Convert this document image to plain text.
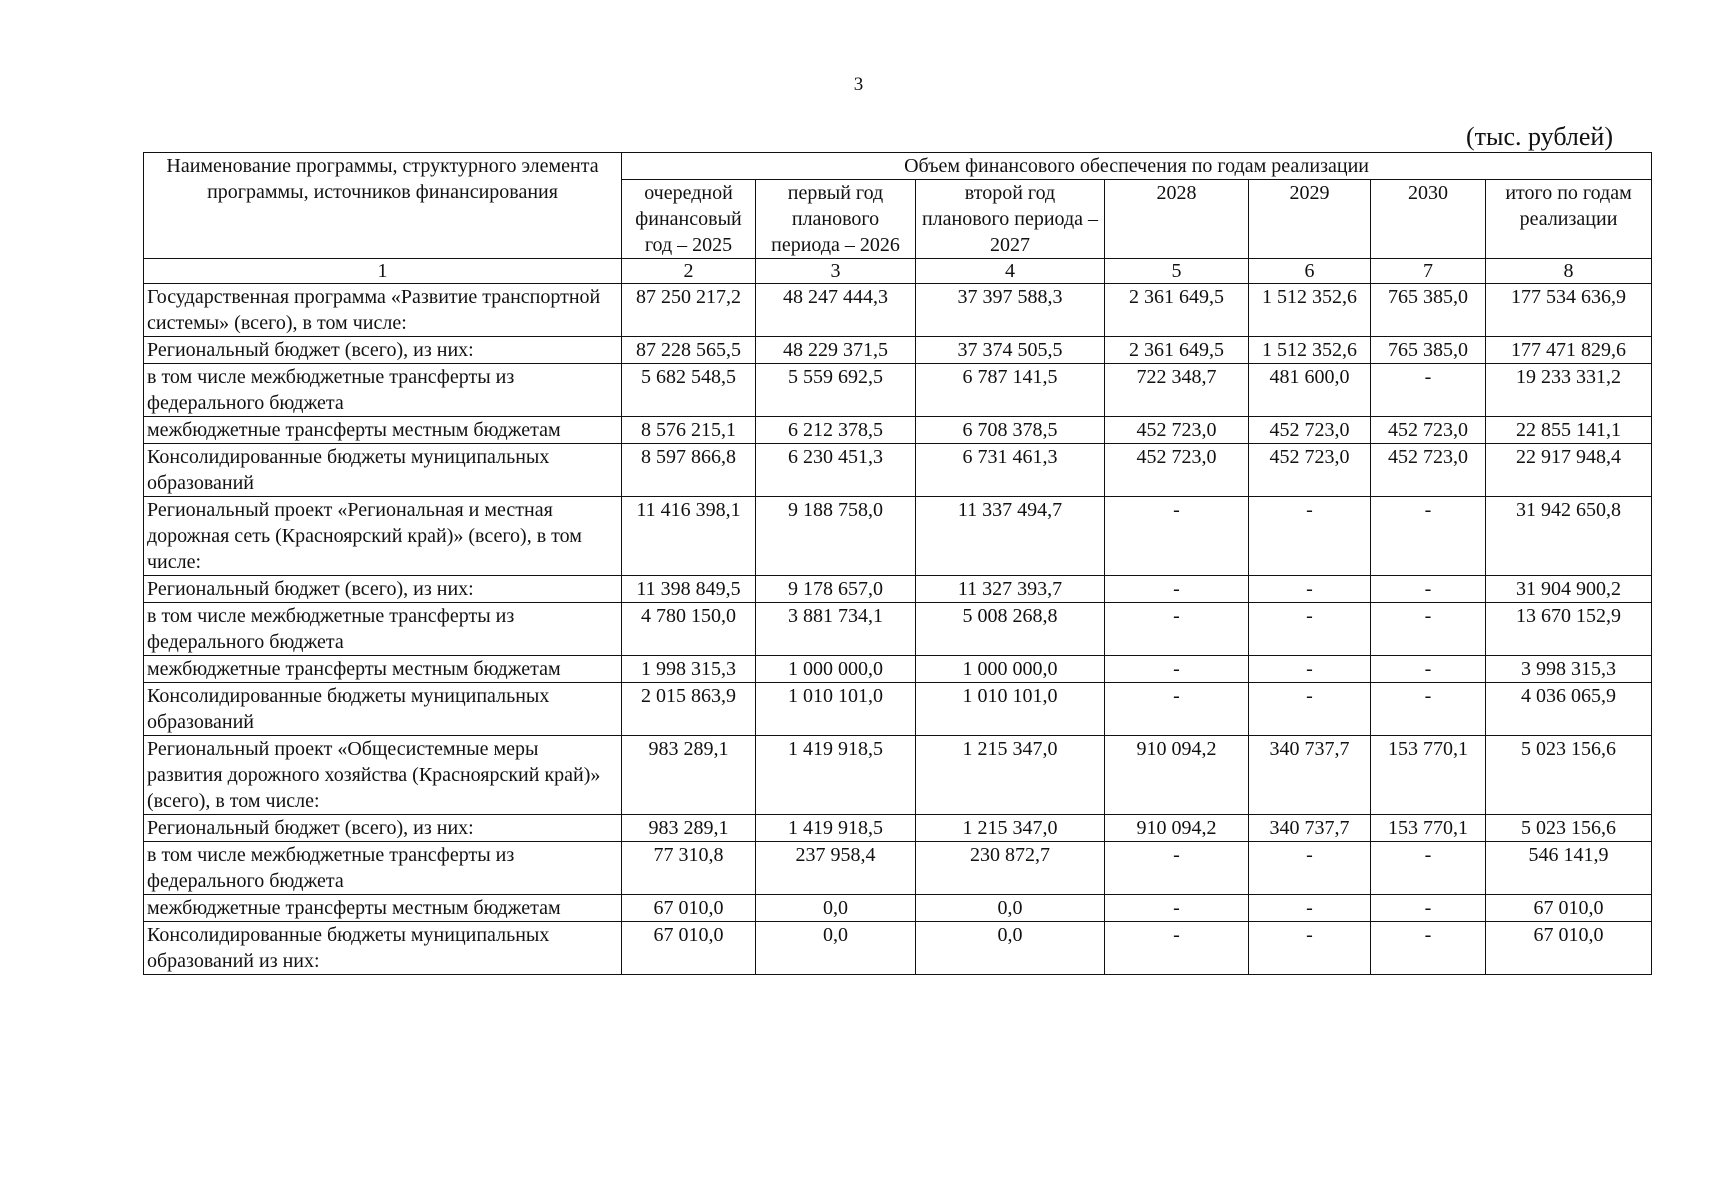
3
(тыс. рублей)
Наименование программы, структурного элемента программы, источников финансирования	Объем финансового обеспечения по годам реализации						
	очередной финансовый год – 2025	первый год планового периода – 2026	второй год планового периода – 2027	2028	2029	2030	итого по годам реализации
1	2	3	4	5	6	7	8
Государственная программа «Развитие транспортной системы» (всего), в том числе:	87 250 217,2	48 247 444,3	37 397 588,3	2 361 649,5	1 512 352,6	765 385,0	177 534 636,9
Региональный бюджет (всего), из них:	87 228 565,5	48 229 371,5	37 374 505,5	2 361 649,5	1 512 352,6	765 385,0	177 471 829,6
в том числе межбюджетные трансферты из федерального бюджета	5 682 548,5	5 559 692,5	6 787 141,5	722 348,7	481 600,0	-	19 233 331,2
межбюджетные трансферты местным бюджетам	8 576 215,1	6 212 378,5	6 708 378,5	452 723,0	452 723,0	452 723,0	22 855 141,1
Консолидированные бюджеты муниципальных образований	8 597 866,8	6 230 451,3	6 731 461,3	452 723,0	452 723,0	452 723,0	22 917 948,4
Региональный проект «Региональная и местная дорожная сеть (Красноярский край)» (всего), в том числе:	11 416 398,1	9 188 758,0	11 337 494,7	-	-	-	31 942 650,8
Региональный бюджет (всего), из них:	11 398 849,5	9 178 657,0	11 327 393,7	-	-	-	31 904 900,2
в том числе межбюджетные трансферты из федерального бюджета	4 780 150,0	3 881 734,1	5 008 268,8	-	-	-	13 670 152,9
межбюджетные трансферты местным бюджетам	1 998 315,3	1 000 000,0	1 000 000,0	-	-	-	3 998 315,3
Консолидированные бюджеты муниципальных образований	2 015 863,9	1 010 101,0	1 010 101,0	-	-	-	4 036 065,9
Региональный проект «Общесистемные меры развития дорожного хозяйства (Красноярский край)» (всего), в том числе:	983 289,1	1 419 918,5	1 215 347,0	910 094,2	340 737,7	153 770,1	5 023 156,6
Региональный бюджет (всего), из них:	983 289,1	1 419 918,5	1 215 347,0	910 094,2	340 737,7	153 770,1	5 023 156,6
в том числе межбюджетные трансферты из федерального бюджета	77 310,8	237 958,4	230 872,7	-	-	-	546 141,9
межбюджетные трансферты местным бюджетам	67 010,0	0,0	0,0	-	-	-	67 010,0
Консолидированные бюджеты муниципальных образований из них:	67 010,0	0,0	0,0	-	-	-	67 010,0
